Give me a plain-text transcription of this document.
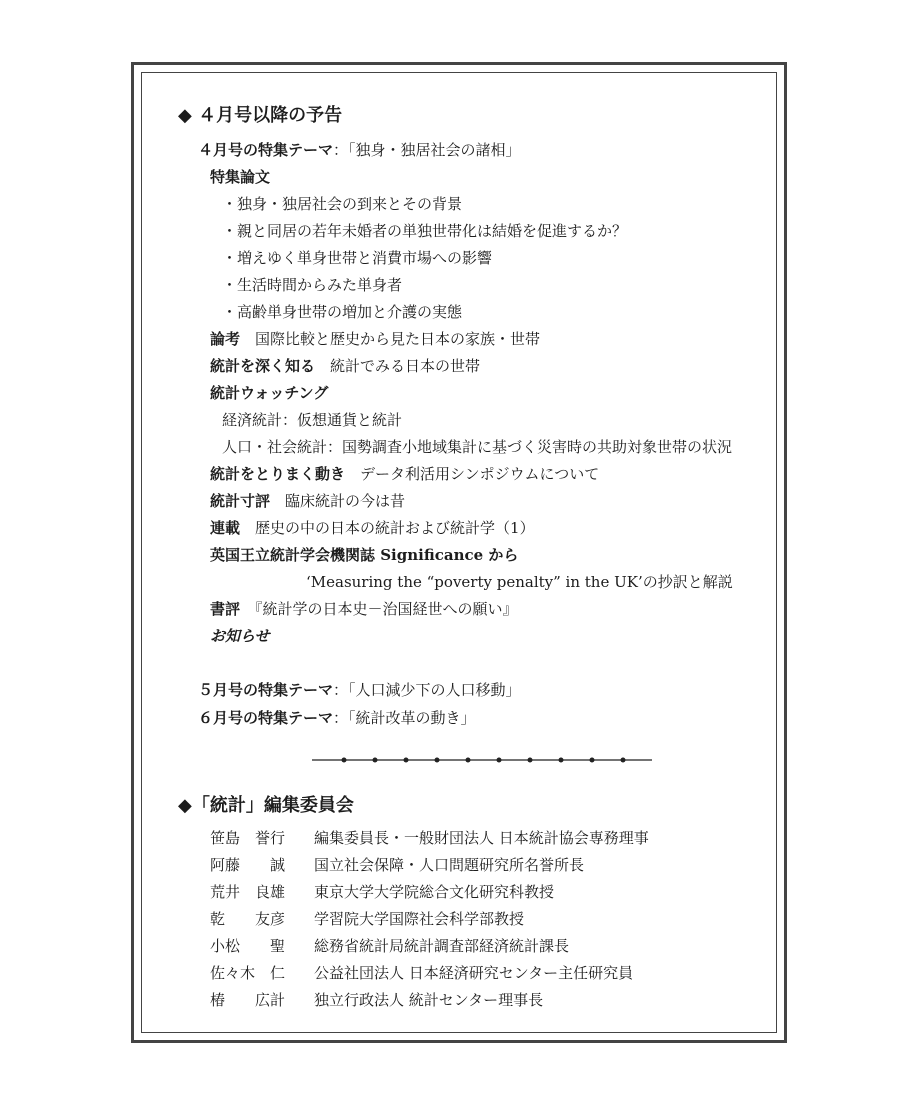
◆ ４月号以降の予告
４月号の特集テーマ：「独身・独居社会の諸相」
特集論文
・独身・独居社会の到来とその背景
・親と同居の若年未婚者の単独世帯化は結婚を促進するか？
・増えゆく単身世帯と消費市場への影響
・生活時間からみた単身者
・高齢単身世帯の増加と介護の実態
論考　 国際比較と歴史から見た日本の家族・世帯
統計を深く知る　 統計でみる日本の世帯
統計ウォッチング
経済統計：仮想通貨と統計
人口・社会統計：国勢調査小地域集計に基づく災害時の共助対象世帯の状況
統計をとりまく動き　 データ利活用シンポジウムについて
統計寸評　 臨床統計の今は昔
連載　 歴史の中の日本の統計および統計学（1）
英国王立統計学会機関誌 Significance から
‘Measuring the “poverty penalty” in the UK’の抄訳と解説
書評　 『統計学の日本史－治国経世への願い』
お知らせ
５月号の特集テーマ：「人口減少下の人口移動」
６月号の特集テーマ：「統計改革の動き」
◆「統計」編集委員会
笹島　誉行 編集委員長・一般財団法人 日本統計協会専務理事
阿藤　　誠 国立社会保障・人口問題研究所名誉所長
荒井　良雄 東京大学大学院総合文化研究科教授
乾　　友彦 学習院大学国際社会科学部教授
小松　　聖 総務省統計局統計調査部経済統計課長
佐々木　仁 公益社団法人 日本経済研究センター主任研究員
椿　　広計 独立行政法人 統計センター理事長
